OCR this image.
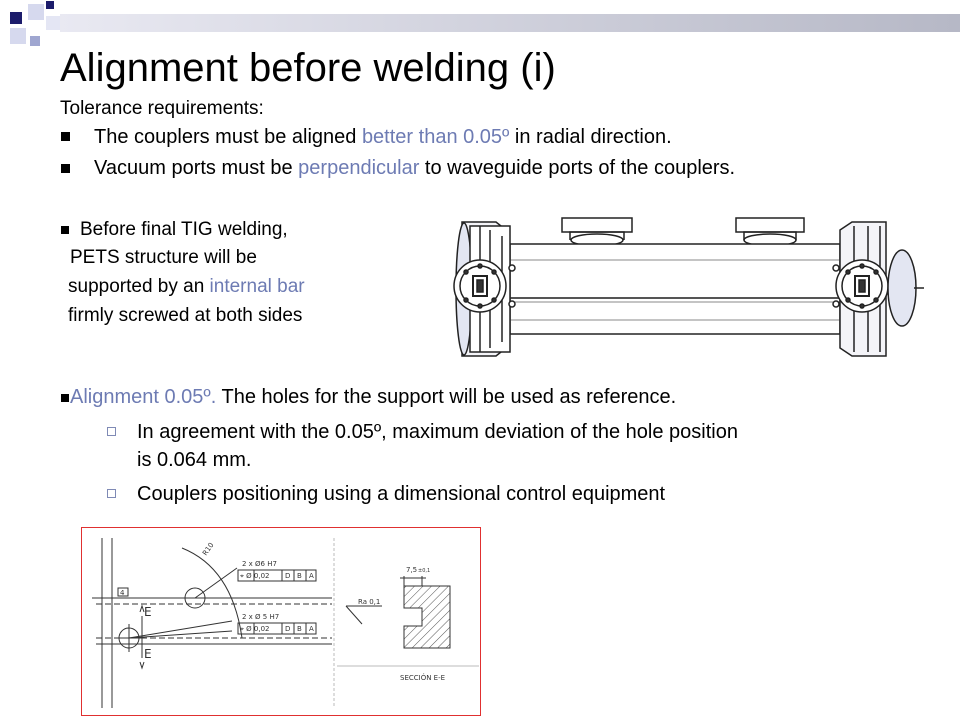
Alignment before welding (i)
Tolerance requirements:
The couplers must be aligned better than 0.05º in radial direction.
Vacuum ports must be perpendicular to waveguide ports of the couplers.
Before final TIG welding,
PETS structure will be
supported by an internal bar
firmly screwed at both sides
Alignment 0.05º. The holes for the support will be used as reference.
In agreement with the 0.05º, maximum deviation of the hole position
is 0.064 mm.
Couplers positioning using a dimensional control equipment
R10
2 x Ø6 H7
⌖ Ø 0,02 D B A
2 x Ø 5 H7
⌖ Ø 0,02 D B A
4
7,5 ±0,1
Ra 0,1
SECCIÓN E-E
E
E
